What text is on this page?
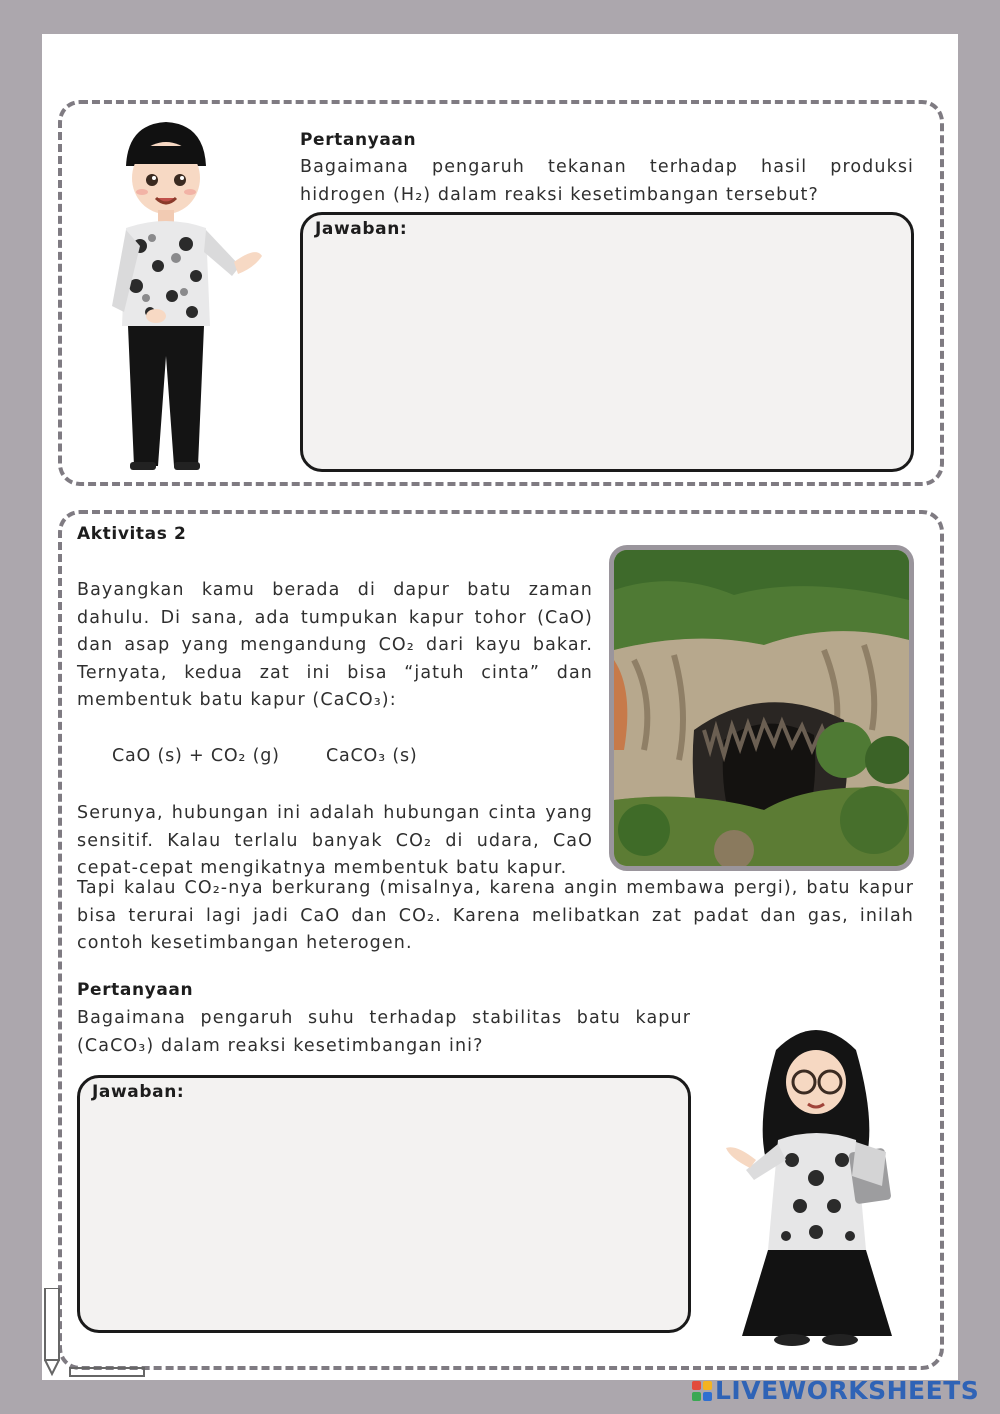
Pertanyaan
Bagaimana pengaruh tekanan terhadap hasil produksi hidrogen (H₂) dalam reaksi kesetimbangan tersebut?
Jawaban:
Aktivitas 2
Bayangkan kamu berada di dapur batu zaman dahulu. Di sana, ada tumpukan kapur tohor (CaO) dan asap yang mengandung CO₂ dari kayu bakar. Ternyata, kedua zat ini bisa “jatuh cinta” dan membentuk batu kapur (CaCO₃):
CaO (s) + CO₂ (g)	CaCO₃ (s)
Serunya, hubungan ini adalah hubungan cinta yang sensitif. Kalau terlalu banyak CO₂ di udara, CaO cepat-cepat mengikatnya membentuk batu kapur.
Tapi kalau CO₂-nya berkurang (misalnya, karena angin membawa pergi), batu kapur bisa terurai lagi jadi CaO dan CO₂. Karena melibatkan zat padat dan gas, inilah contoh kesetimbangan heterogen.
Pertanyaan
Bagaimana pengaruh suhu terhadap stabilitas batu kapur (CaCO₃) dalam reaksi kesetimbangan ini?
Jawaban:
LIVEWORKSHEETS
